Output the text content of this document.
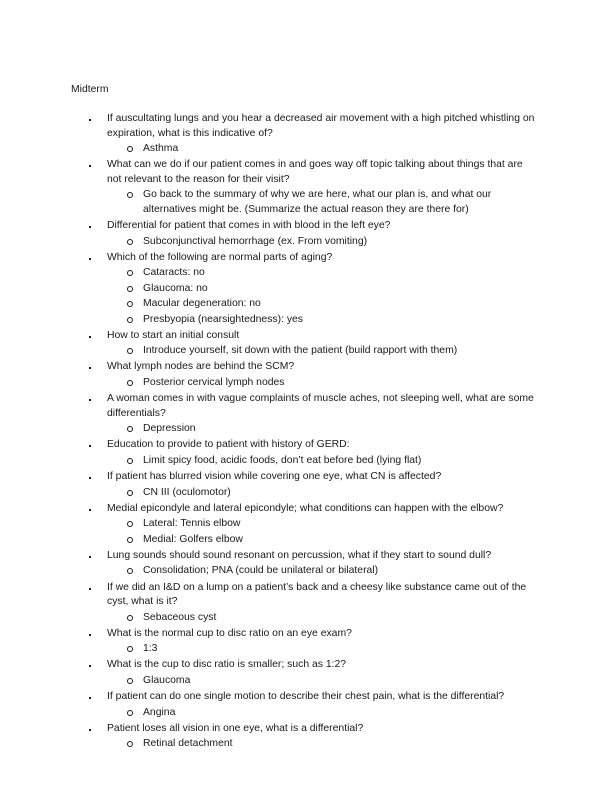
Midterm
If auscultating lungs and you hear a decreased air movement with a high pitched whistling on expiration, what is this indicative of?
Asthma
What can we do if our patient comes in and goes way off topic talking about things that are not relevant to the reason for their visit?
Go back to the summary of why we are here, what our plan is, and what our alternatives might be. (Summarize the actual reason they are there for)
Differential for patient that comes in with blood in the left eye?
Subconjunctival hemorrhage (ex. From vomiting)
Which of the following are normal parts of aging?
Cataracts: no
Glaucoma: no
Macular degeneration: no
Presbyopia (nearsightedness): yes
How to start an initial consult
Introduce yourself, sit down with the patient (build rapport with them)
What lymph nodes are behind the SCM?
Posterior cervical lymph nodes
A woman comes in with vague complaints of muscle aches, not sleeping well, what are some differentials?
Depression
Education to provide to patient with history of GERD:
Limit spicy food, acidic foods, don’t eat before bed (lying flat)
If patient has blurred vision while covering one eye, what CN is affected?
CN III (oculomotor)
Medial epicondyle and lateral epicondyle; what conditions can happen with the elbow?
Lateral: Tennis elbow
Medial: Golfers elbow
Lung sounds should sound resonant on percussion, what if they start to sound dull?
Consolidation; PNA (could be unilateral or bilateral)
If we did an I&D on a lump on a patient’s back and a cheesy like substance came out of the cyst, what is it?
Sebaceous cyst
What is the normal cup to disc ratio on an eye exam?
1:3
What is the cup to disc ratio is smaller; such as 1:2?
Glaucoma
If patient can do one single motion to describe their chest pain, what is the differential?
Angina
Patient loses all vision in one eye, what is a differential?
Retinal detachment
